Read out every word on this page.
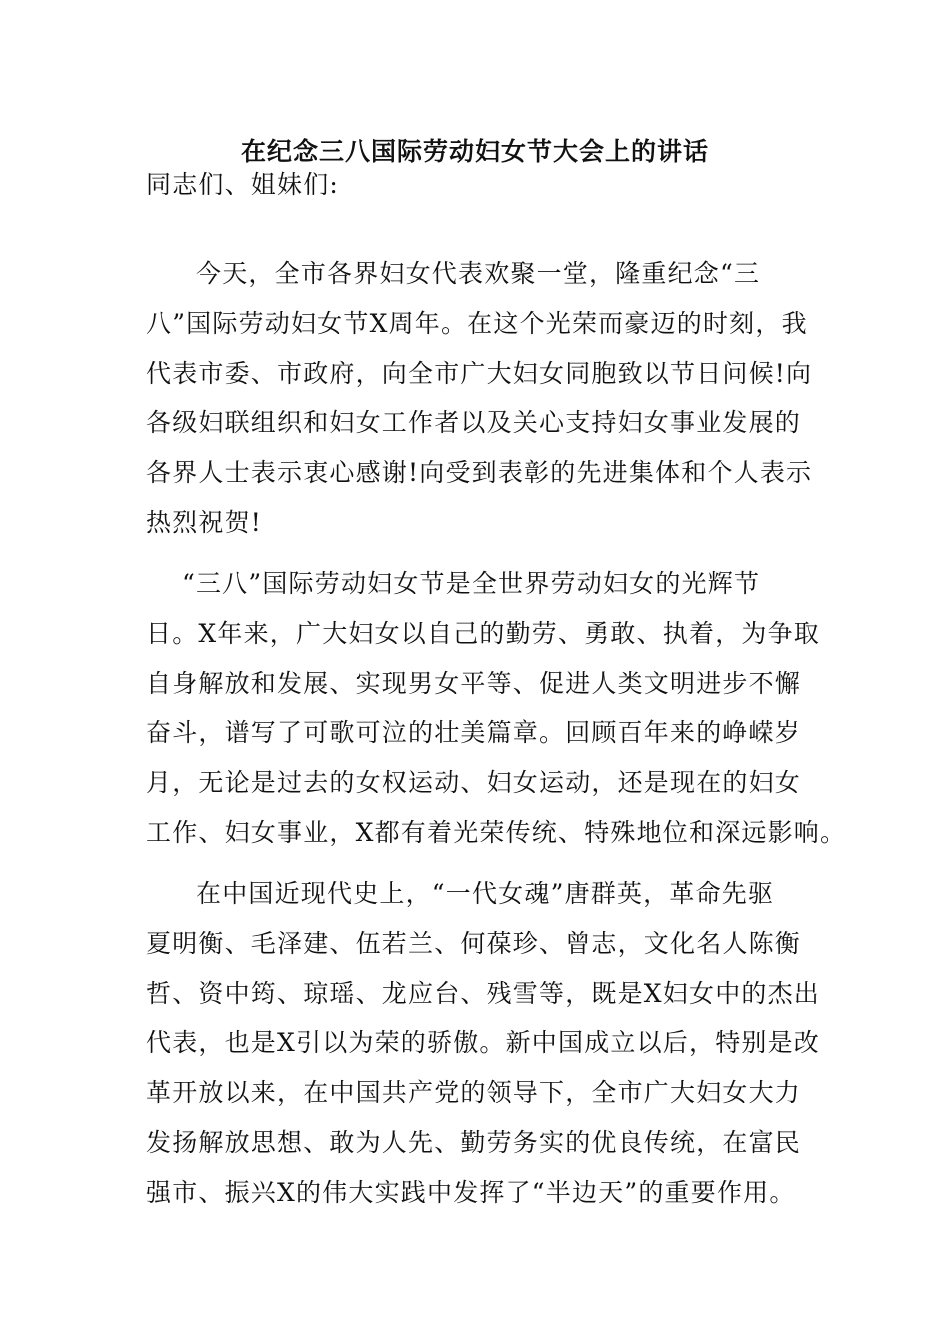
在纪念三八国际劳动妇女节大会上的讲话
同志们、姐妹们:
今天，全市各界妇女代表欢聚一堂，隆重纪念“三
八”国际劳动妇女节X周年。在这个光荣而豪迈的时刻，我
代表市委、市政府，向全市广大妇女同胞致以节日问候!向
各级妇联组织和妇女工作者以及关心支持妇女事业发展的
各界人士表示衷心感谢!向受到表彰的先进集体和个人表示
热烈祝贺!
“三八”国际劳动妇女节是全世界劳动妇女的光辉节
日。X年来，广大妇女以自己的勤劳、勇敢、执着，为争取
自身解放和发展、实现男女平等、促进人类文明进步不懈
奋斗，谱写了可歌可泣的壮美篇章。回顾百年来的峥嵘岁
月，无论是过去的女权运动、妇女运动，还是现在的妇女
工作、妇女事业，X都有着光荣传统、特殊地位和深远影响。
在中国近现代史上，“一代女魂”唐群英，革命先驱
夏明衡、毛泽建、伍若兰、何葆珍、曾志，文化名人陈衡
哲、资中筠、琼瑶、龙应台、残雪等，既是X妇女中的杰出
代表，也是X引以为荣的骄傲。新中国成立以后，特别是改
革开放以来，在中国共产党的领导下，全市广大妇女大力
发扬解放思想、敢为人先、勤劳务实的优良传统，在富民
强市、振兴X的伟大实践中发挥了“半边天”的重要作用。
